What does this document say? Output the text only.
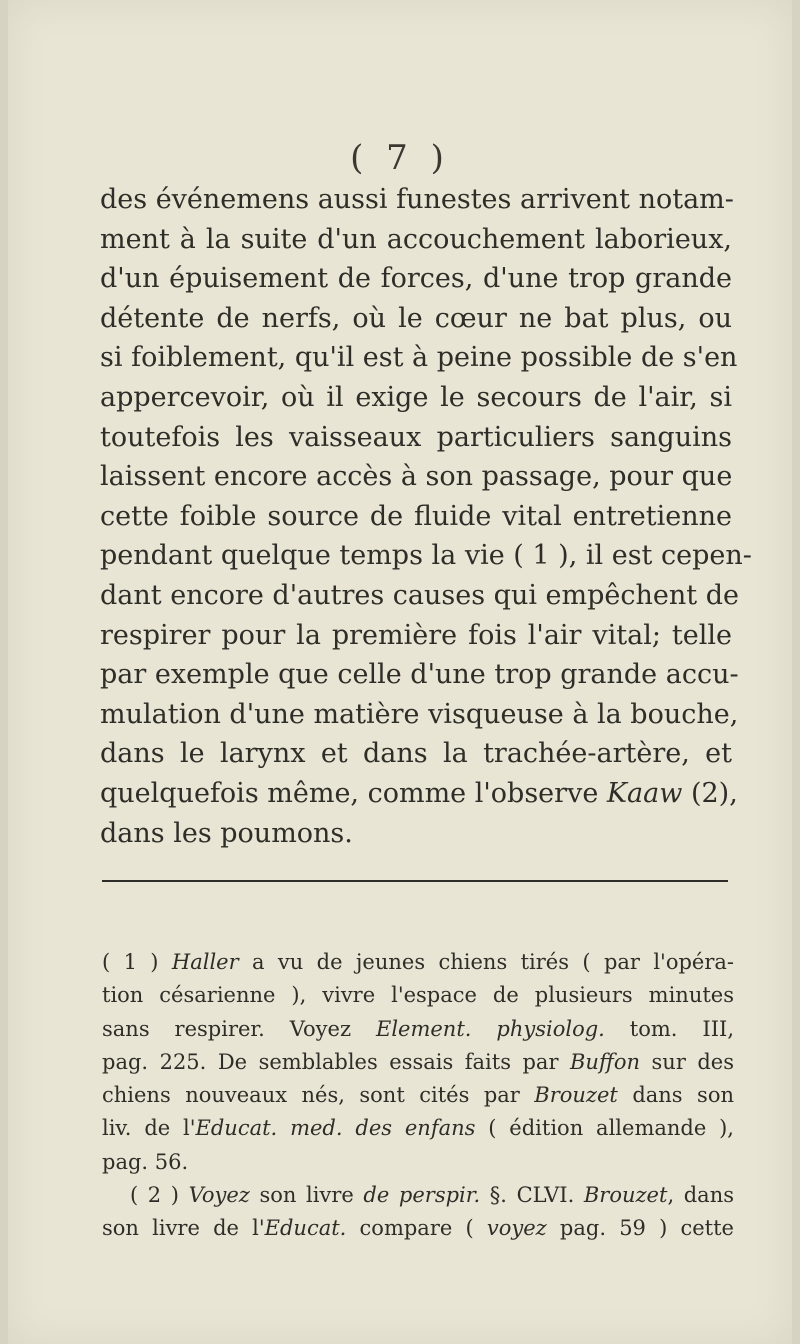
( 7 )
des événemens aussi funestes arrivent notam-
ment à la suite d'un accouchement laborieux,
d'un épuisement de forces, d'une trop grande
détente de nerfs, où le cœur ne bat plus, ou
si foiblement, qu'il est à peine possible de s'en
appercevoir, où il exige le secours de l'air, si
toutefois les vaisseaux particuliers sanguins
laissent encore accès à son passage, pour que
cette foible source de fluide vital entretienne
pendant quelque temps la vie ( 1 ), il est cepen-
dant encore d'autres causes qui empêchent de
respirer pour la première fois l'air vital; telle
par exemple que celle d'une trop grande accu-
mulation d'une matière visqueuse à la bouche,
dans le larynx et dans la trachée-artère, et
quelquefois même, comme l'observe Kaaw (2),
dans les poumons.
( 1 ) Haller a vu de jeunes chiens tirés ( par l'opéra-
tion césarienne ), vivre l'espace de plusieurs minutes
sans respirer. Voyez Element. physiolog. tom. III,
pag. 225. De semblables essais faits par Buffon sur des
chiens nouveaux nés, sont cités par Brouzet dans son
liv. de l'Educat. med. des enfans ( édition allemande ),
pag. 56.
( 2 ) Voyez son livre de perspir. §. CLVI. Brouzet, dans
son livre de l'Educat. compare ( voyez pag. 59 ) cette
